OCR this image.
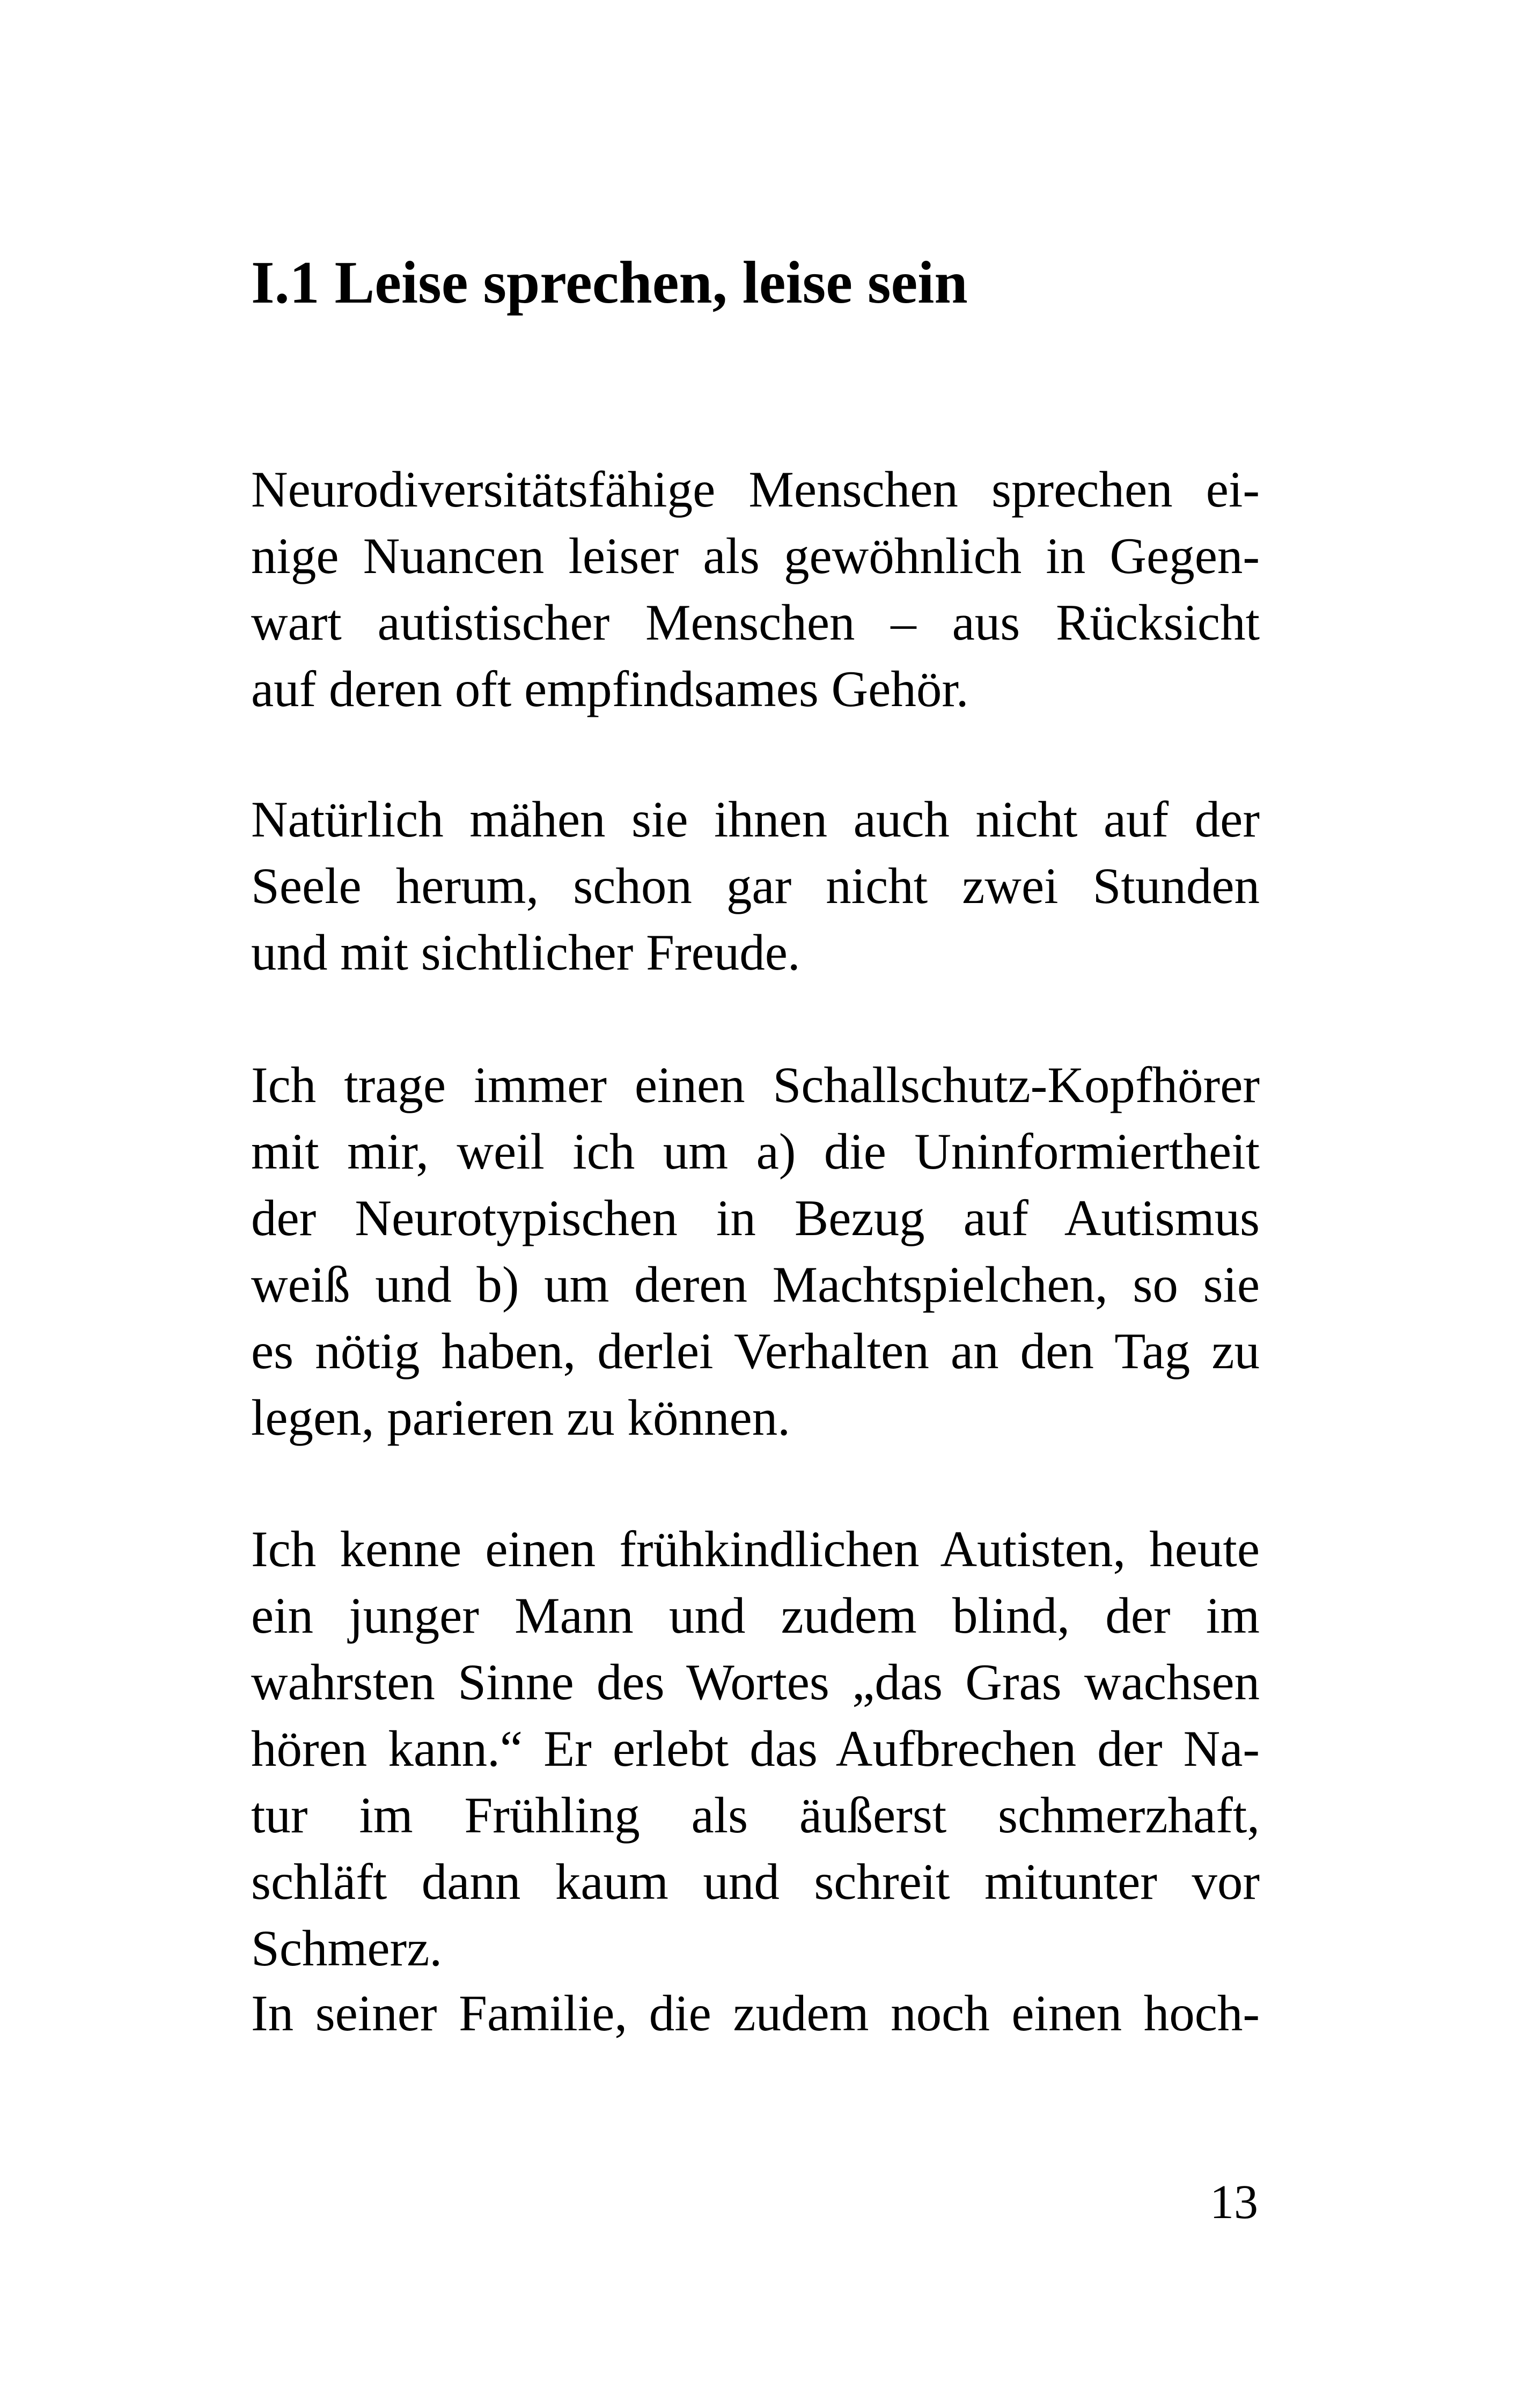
I.1 Leise sprechen, leise sein
Neurodiversitätsfähige Menschen sprechen ei-
nige Nuancen leiser als gewöhnlich in Gegen-
wart autistischer Menschen – aus Rücksicht
auf deren oft empfindsames Gehör.
Natürlich mähen sie ihnen auch nicht auf der
Seele herum, schon gar nicht zwei Stunden
und mit sichtlicher Freude.
Ich trage immer einen Schallschutz-Kopfhörer
mit mir, weil ich um a) die Uninformiertheit
der Neurotypischen in Bezug auf Autismus
weiß und b) um deren Machtspielchen, so sie
es nötig haben, derlei Verhalten an den Tag zu
legen, parieren zu können.
Ich kenne einen frühkindlichen Autisten, heute
ein junger Mann und zudem blind, der im
wahrsten Sinne des Wortes „das Gras wachsen
hören kann.“ Er erlebt das Aufbrechen der Na-
tur im Frühling als äußerst schmerzhaft,
schläft dann kaum und schreit mitunter vor
Schmerz.
In seiner Familie, die zudem noch einen hoch-
13
